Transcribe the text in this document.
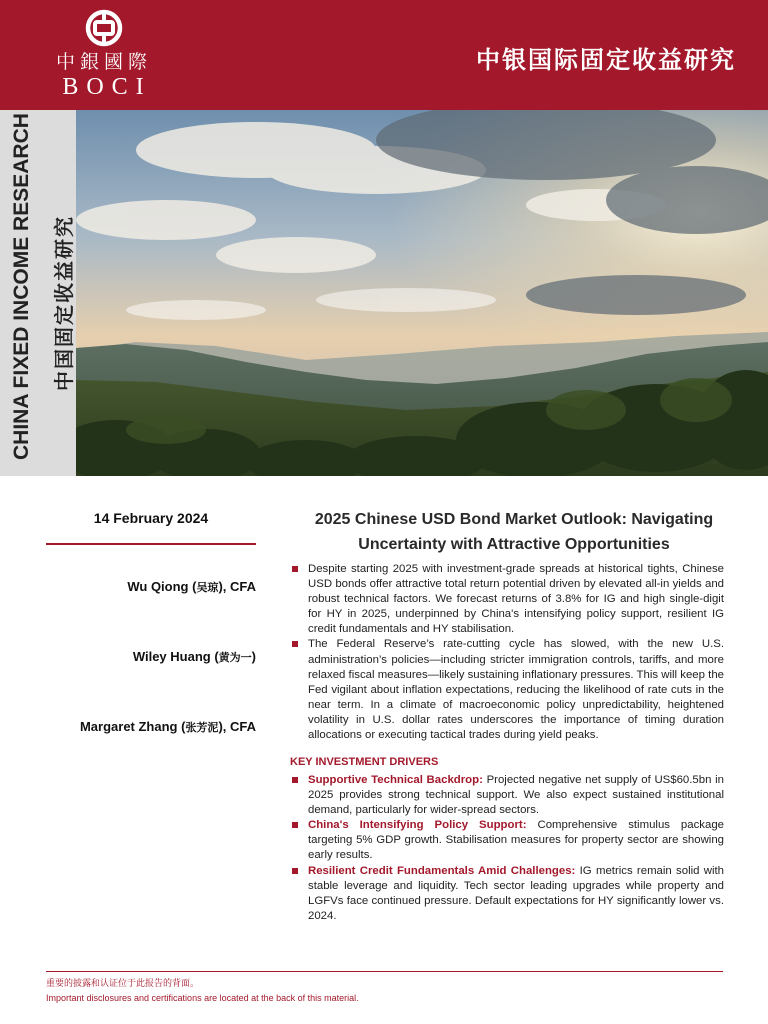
中銀國際
BOCI
中银国际固定收益研究
CHINA FIXED INCOME RESEARCH 中国固定收益研究
14 February 2024
Wu Qiong (吴琼), CFA
Wiley Huang (黄为一)
Margaret Zhang (张芳泥), CFA
2025 Chinese USD Bond Market Outlook: Navigating
Uncertainty with Attractive Opportunities
Despite starting 2025 with investment-grade spreads at historical tights, Chinese USD bonds offer attractive total return potential driven by elevated all-in yields and robust technical factors. We forecast returns of 3.8% for IG and high single-digit for HY in 2025, underpinned by China's intensifying policy support, resilient IG credit fundamentals and HY stabilisation.
The Federal Reserve’s rate-cutting cycle has slowed, with the new U.S. administration’s policies—including stricter immigration controls, tariffs, and more relaxed fiscal measures—likely sustaining inflationary pressures. This will keep the Fed vigilant about inflation expectations, reducing the likelihood of rate cuts in the near term. In a climate of macroeconomic policy unpredictability, heightened volatility in U.S. dollar rates underscores the importance of timing duration allocations or executing tactical trades during yield peaks.
KEY INVESTMENT DRIVERS
Supportive Technical Backdrop: Projected negative net supply of US$60.5bn in 2025 provides strong technical support. We also expect sustained institutional demand, particularly for wider-spread sectors.
China's Intensifying Policy Support: Comprehensive stimulus package targeting 5% GDP growth. Stabilisation measures for property sector are showing early results.
Resilient Credit Fundamentals Amid Challenges: IG metrics remain solid with stable leverage and liquidity. Tech sector leading upgrades while property and LGFVs face continued pressure. Default expectations for HY significantly lower vs. 2024.
重要的披露和认证位于此报告的背面。
Important disclosures and certifications are located at the back of this material.
